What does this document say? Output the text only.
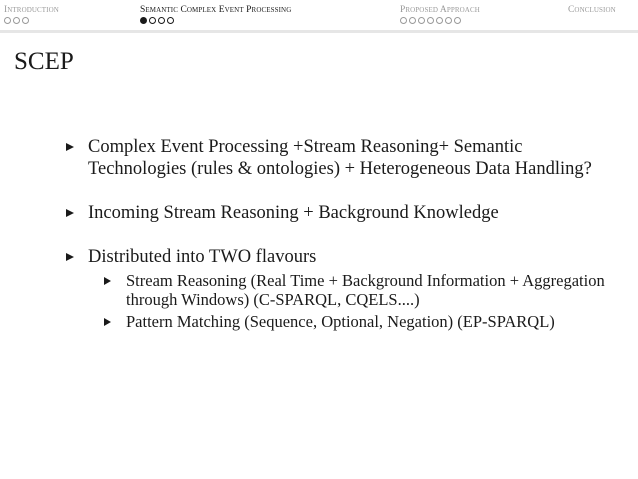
Introduction	Semantic Complex Event Processing	Proposed Approach	Conclusion
SCEP
Complex Event Processing +Stream Reasoning+ Semantic Technologies (rules & ontologies) + Heterogeneous Data Handling?
Incoming Stream Reasoning + Background Knowledge
Distributed into TWO flavours
Stream Reasoning (Real Time + Background Information + Aggregation through Windows) (C-SPARQL, CQELS....)
Pattern Matching (Sequence, Optional, Negation) (EP-SPARQL)
